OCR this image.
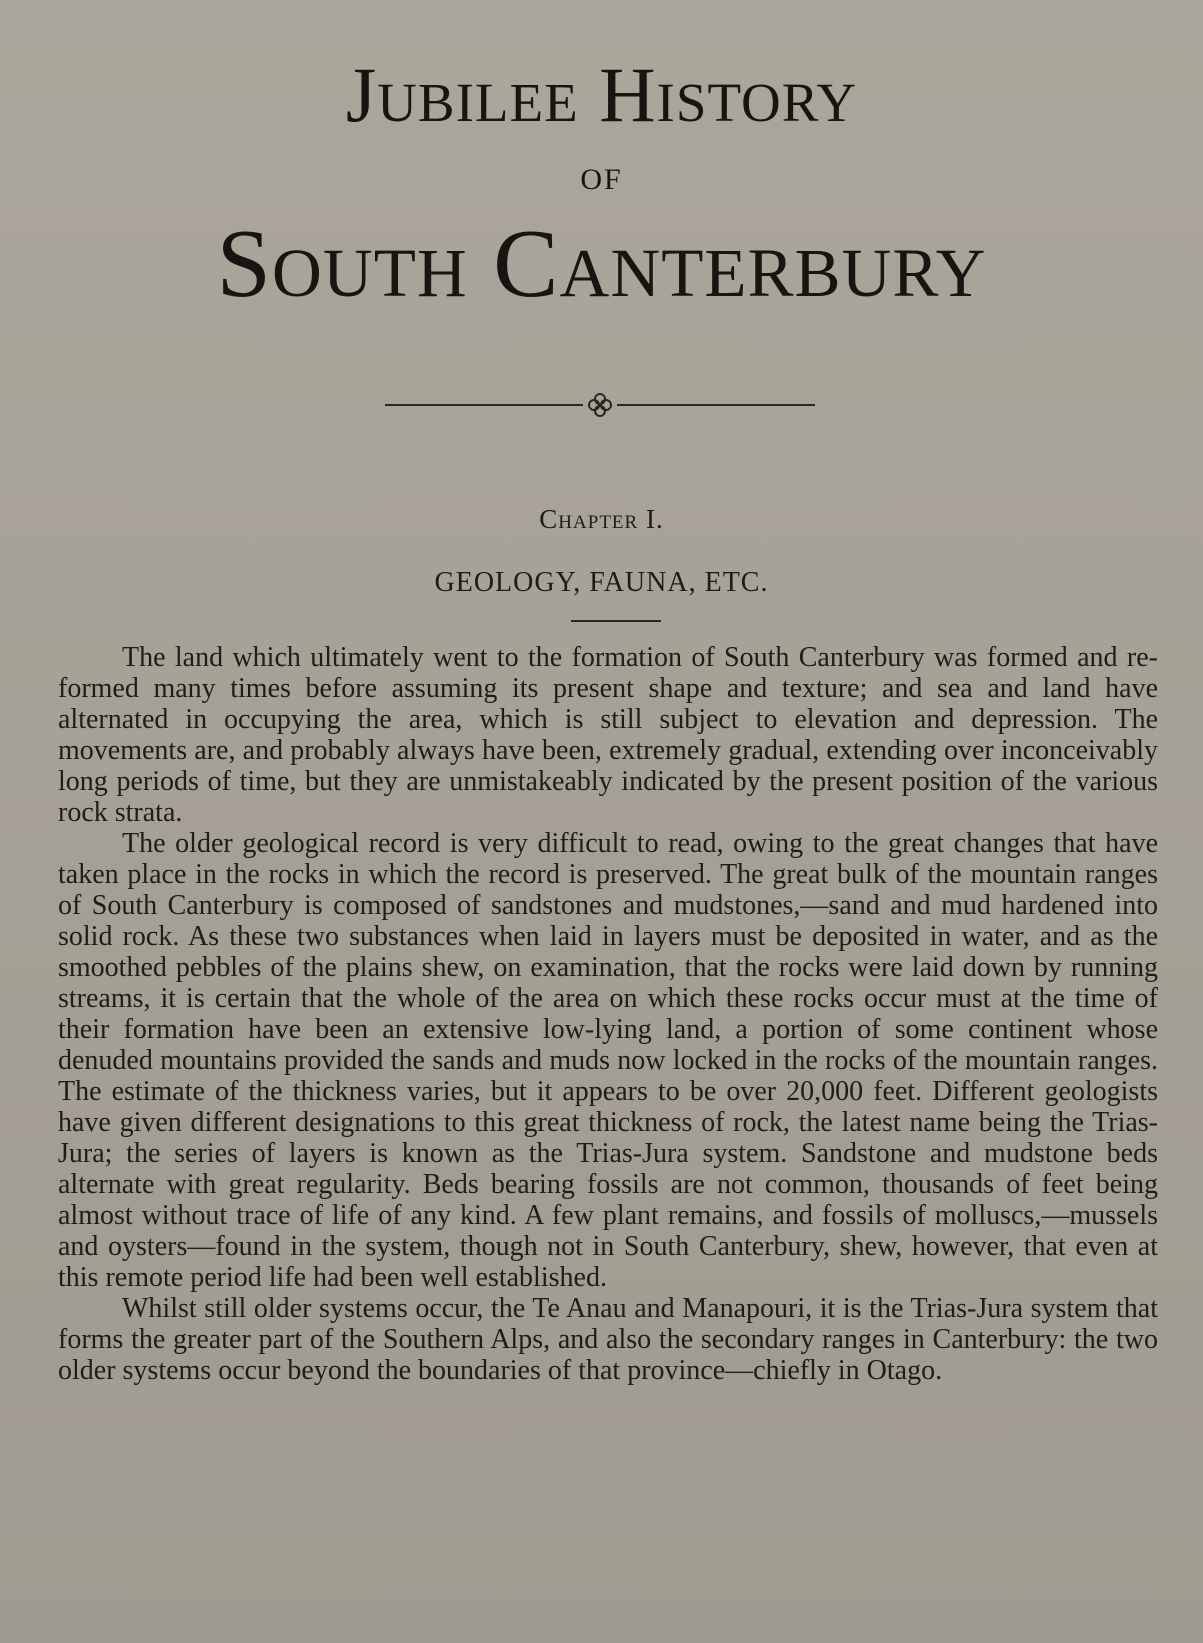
Jubilee History
OF
South Canterbury
Chapter I.
GEOLOGY, FAUNA, ETC.

The land which ultimately went to the formation of South Canterbury was formed and re-formed many times before assuming its present shape and texture; and sea and land have alternated in occupying the area, which is still subject to elevation and depression. The movements are, and probably always have been, extremely gradual, extending over inconceivably long periods of time, but they are unmistakeably indicated by the present position of the various rock strata.

The older geological record is very difficult to read, owing to the great changes that have taken place in the rocks in which the record is preserved. The great bulk of the mountain ranges of South Canterbury is composed of sandstones and mudstones,—sand and mud hardened into solid rock. As these two substances when laid in layers must be deposited in water, and as the smoothed pebbles of the plains shew, on examination, that the rocks were laid down by running streams, it is certain that the whole of the area on which these rocks occur must at the time of their formation have been an extensive low-lying land, a portion of some continent whose denuded mountains provided the sands and muds now locked in the rocks of the mountain ranges. The estimate of the thickness varies, but it appears to be over 20,000 feet. Different geologists have given different designations to this great thickness of rock, the latest name being the Trias-Jura; the series of layers is known as the Trias-Jura system. Sandstone and mudstone beds alternate with great regularity. Beds bearing fossils are not common, thousands of feet being almost without trace of life of any kind. A few plant remains, and fossils of molluscs,—mussels and oysters—found in the system, though not in South Canterbury, shew, however, that even at this remote period life had been well established.

Whilst still older systems occur, the Te Anau and Manapouri, it is the Trias-Jura system that forms the greater part of the Southern Alps, and also the secondary ranges in Canterbury: the two older systems occur beyond the boundaries of that province—chiefly in Otago.
